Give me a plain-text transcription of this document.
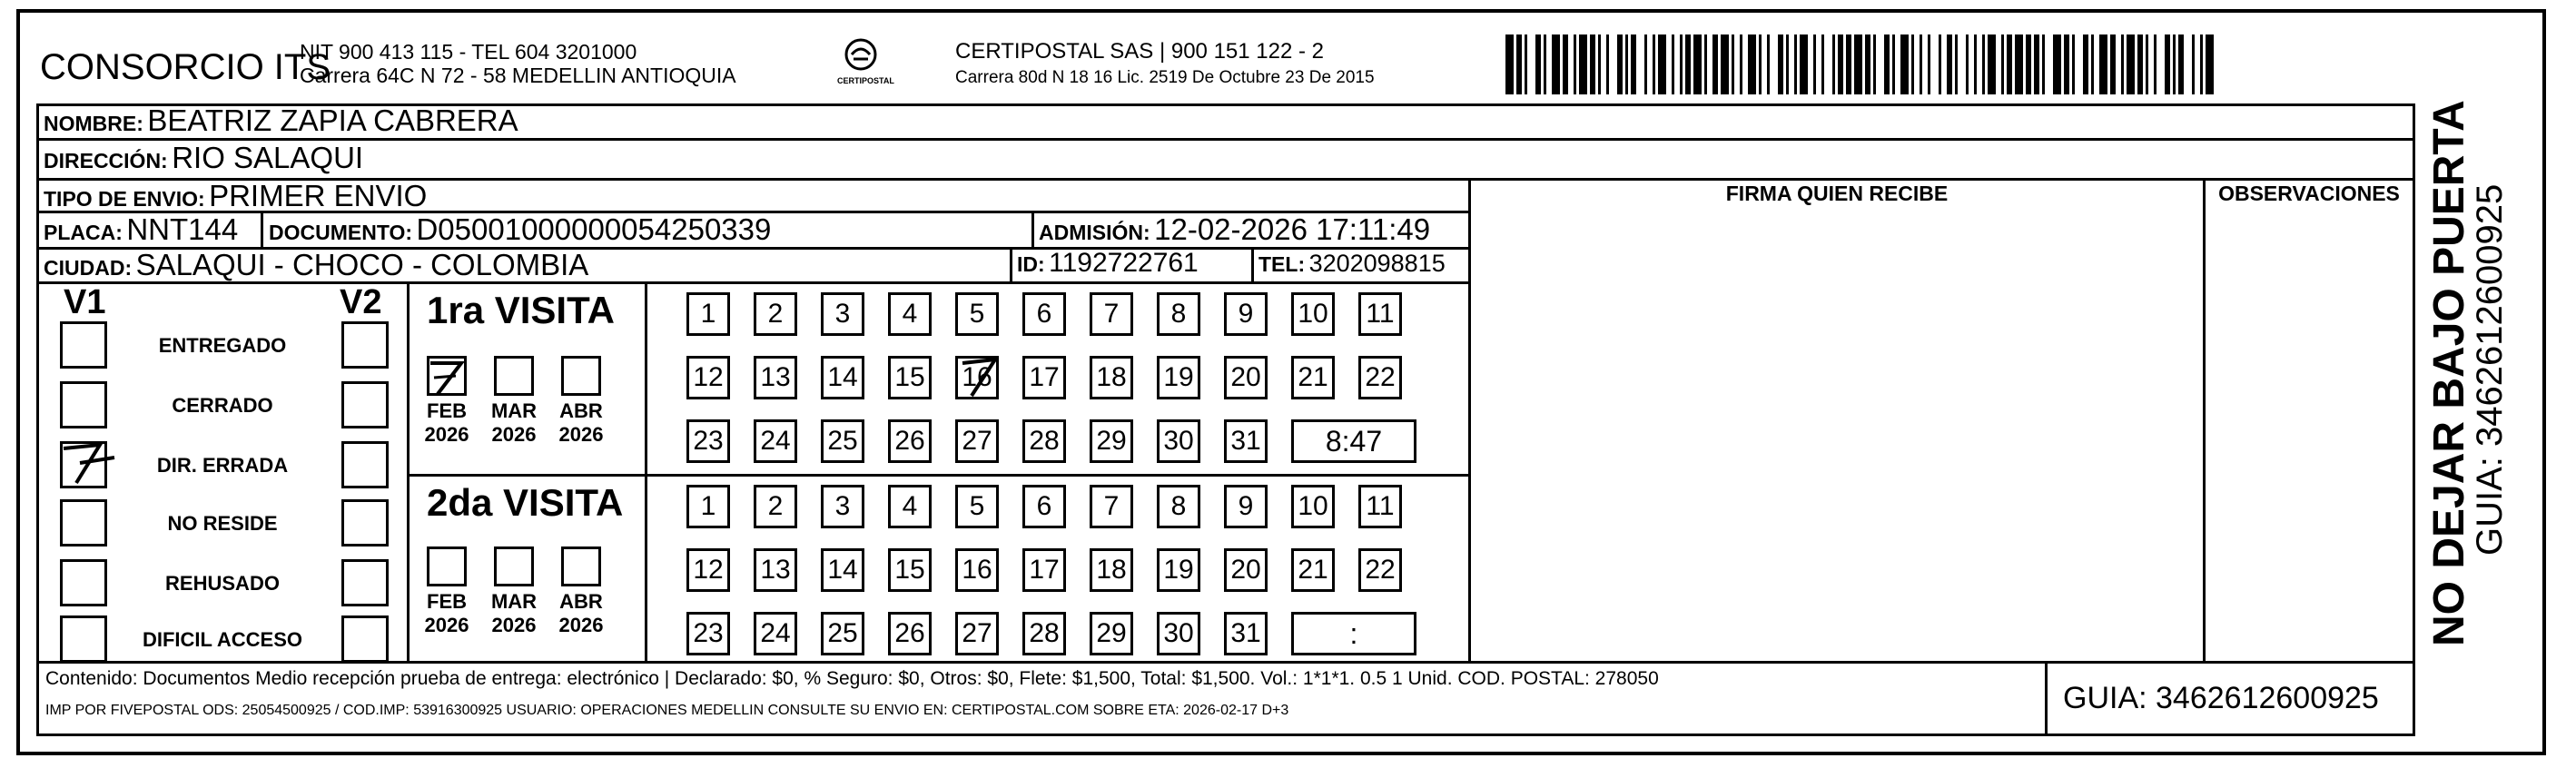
CONSORCIO ITS
NIT 900 413 115 - TEL 604 3201000
Carrera 64C N 72 - 58 MEDELLIN ANTIOQUIA	CERTIPOSTAL
CERTIPOSTAL SAS | 900 151 122 - 2
Carrera 80d N 18 16 Lic. 2519 De Octubre 23 De 2015
NOMBRE: BEATRIZ ZAPIA CABRERA
DIRECCIÓN: RIO SALAQUI
TIPO DE ENVIO: PRIMER ENVIO
PLACA: NNT144 DOCUMENTO: D05001000000054250339	ADMISIÓN: 12-02-2026 17:11:49
CIUDAD: SALAQUI - CHOCO - COLOMBIA	ID: 1192722761	TEL: 3202098815
FIRMA QUIEN RECIBE	OBSERVACIONES
V1	V2
ENTREGADO
CERRADO
DIR. ERRADA
NO RESIDE
REHUSADO
DIFICIL ACCESO
1ra VISITA
2da VISITA
FEB
2026
MAR
2026
ABR
2026
FEB
2026
MAR
2026
ABR
2026
1	2	3	4	5	6	7	8	9	10 11
12 13 14 15 16 17 18 19 20 21 22
23 24 25 26 27 28 29 30 31	8:47
1	2	3	4	5	6	7	8	9	10 11
12 13 14 15 16 17 18 19 20 21 22
23 24 25 26 27 28 29 30 31	:
Contenido: Documentos Medio recepción prueba de entrega: electrónico | Declarado: $0, % Seguro: $0, Otros: $0, Flete: $1,500, Total: $1,500. Vol.: 1*1*1. 0.5 1 Unid. COD. POSTAL: 278050
IMP POR FIVEPOSTAL ODS: 25054500925 / COD.IMP: 53916300925 USUARIO: OPERACIONES MEDELLIN CONSULTE SU ENVIO EN: CERTIPOSTAL.COM SOBRE ETA: 2026-02-17 D+3	GUIA: 3462612600925
NO DEJAR BAJO PUERTA
GUIA: 3462612600925
